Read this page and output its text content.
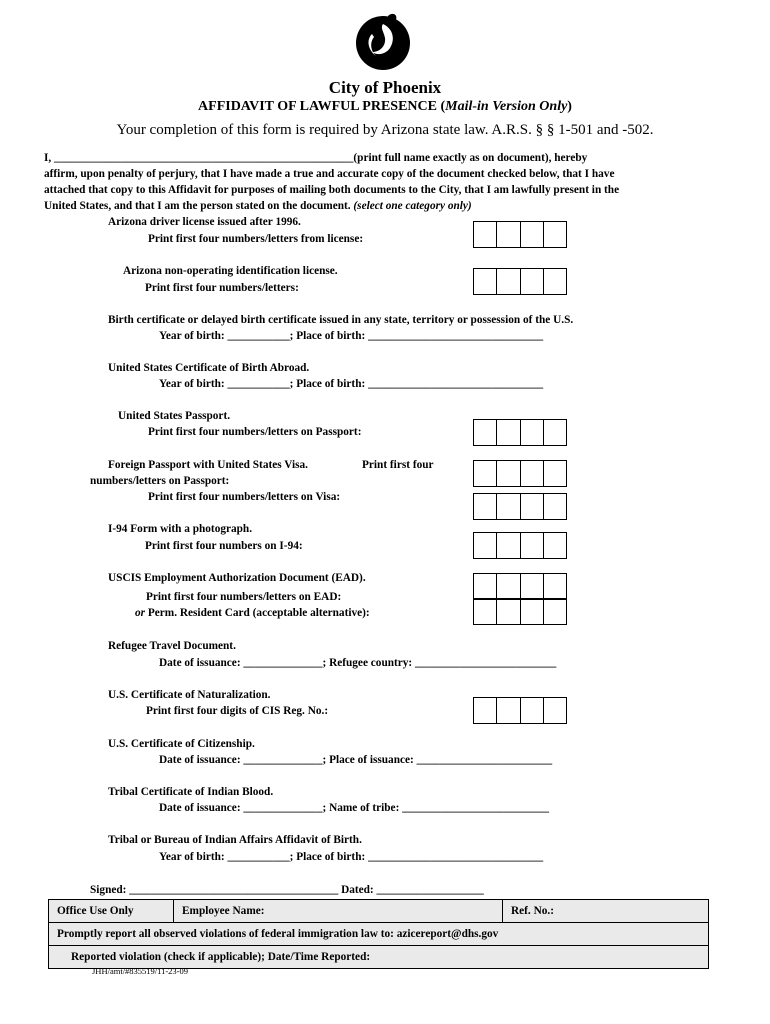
City of Phoenix
AFFIDAVIT OF LAWFUL PRESENCE (Mail-in Version Only)
Your completion of this form is required by Arizona state law. A.R.S. § § 1-501 and -502.

I, _____________________________________________________(print full name exactly as on document), hereby

affirm, upon penalty of perjury, that I have made a true and accurate copy of the document checked below, that I have

attached that copy to this Affidavit for purposes of mailing both documents to the City, that I am lawfully present in the

United States, and that I am the person stated on the document. (select one category only)

Arizona driver license issued after 1996.
Print first four numbers/letters from license:
Arizona non-operating identification license.
Print first four numbers/letters:
Birth certificate or delayed birth certificate issued in any state, territory or possession of the U.S.
Year of birth: ___________; Place of birth: _______________________________
United States Certificate of Birth Abroad.
Year of birth: ___________; Place of birth: _______________________________
United States Passport.
Print first four numbers/letters on Passport:
Foreign Passport with United States Visa.	Print first four
numbers/letters on Passport:
Print first four numbers/letters on Visa:
I-94 Form with a photograph.
Print first four numbers on I-94:
USCIS Employment Authorization Document (EAD).
Print first four numbers/letters on EAD:
or Perm. Resident Card (acceptable alternative):
Refugee Travel Document.
Date of issuance: ______________; Refugee country: _________________________
U.S. Certificate of Naturalization.
Print first four digits of CIS Reg. No.:
U.S. Certificate of Citizenship.
Date of issuance: ______________; Place of issuance: ________________________
Tribal Certificate of Indian Blood.
Date of issuance: ______________; Name of tribe: __________________________
Tribal or Bureau of Indian Affairs Affidavit of Birth.
Year of birth: ___________; Place of birth: _______________________________
Signed: _____________________________________ Dated: ___________________
Office Use Only	Employee Name:	Ref. No.:
Promptly report all observed violations of federal immigration law to: azicereport@dhs.gov
Reported violation (check if applicable); Date/Time Reported:
JHH/amt/#835519/11-23-09
